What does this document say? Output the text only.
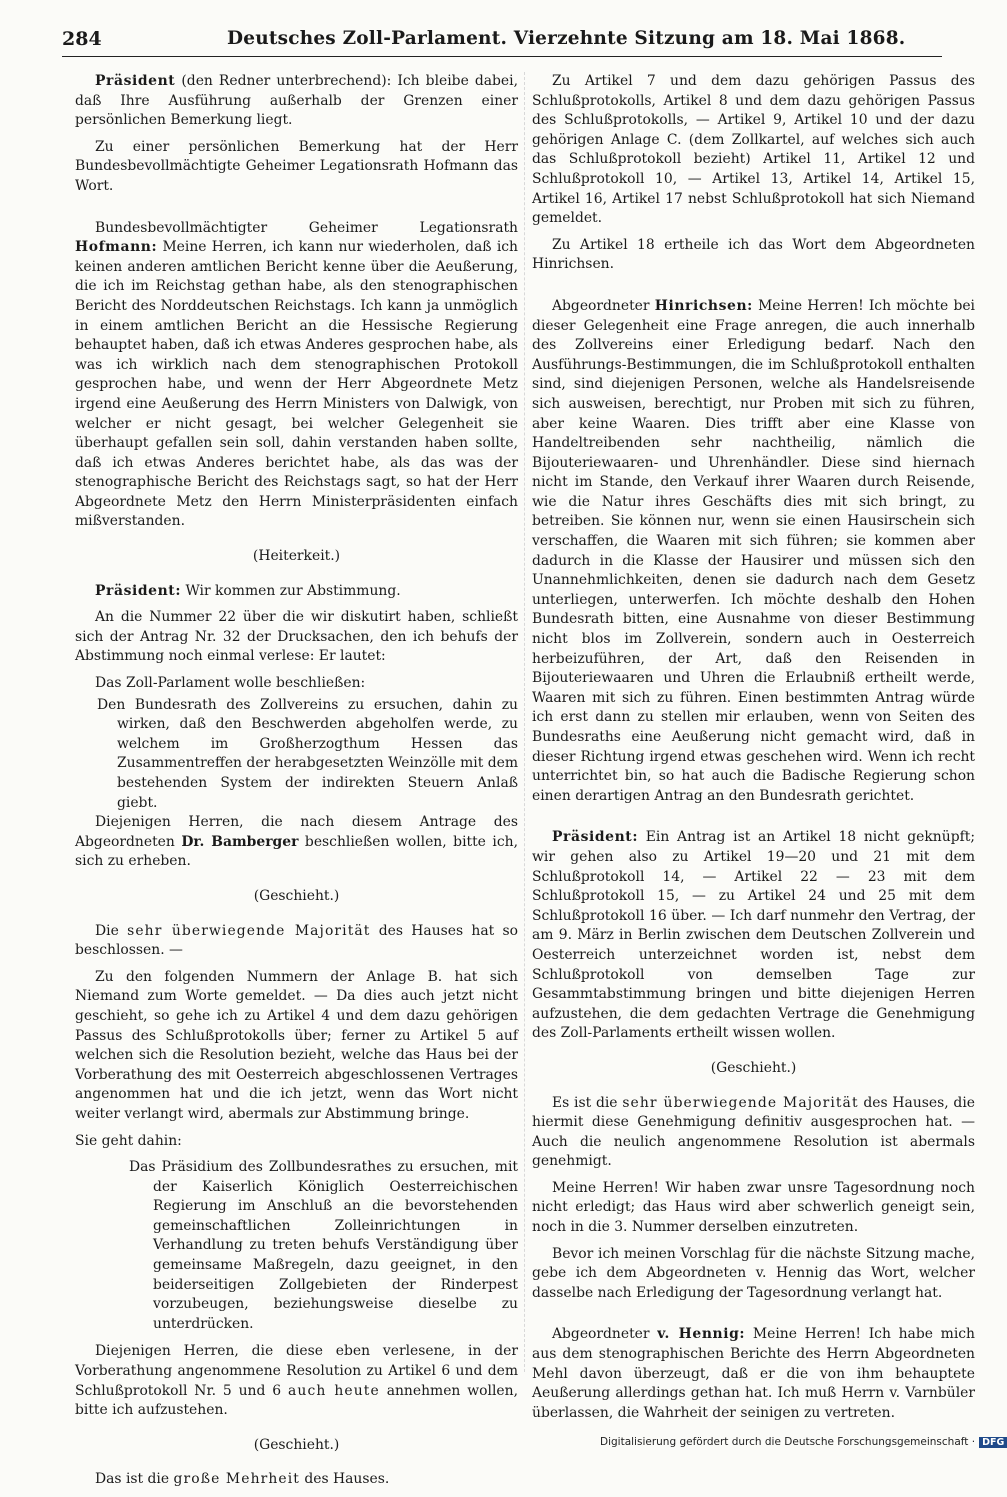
284	Deutsches Zoll-Parlament. Vierzehnte Sitzung am 18. Mai 1868.

Präsident (den Redner unterbrechend): Ich bleibe dabei, daß Ihre Ausführung außerhalb der Grenzen einer persönlichen Bemerkung liegt.

Zu einer persönlichen Bemerkung hat der Herr Bundesbevollmächtigte Geheimer Legationsrath Hofmann das Wort.

Bundesbevollmächtigter Geheimer Legationsrath Hofmann: Meine Herren, ich kann nur wiederholen, daß ich keinen anderen amtlichen Bericht kenne über die Aeußerung, die ich im Reichstag gethan habe, als den stenographischen Bericht des Norddeutschen Reichstags. Ich kann ja unmöglich in einem amtlichen Bericht an die Hessische Regierung behauptet haben, daß ich etwas Anderes gesprochen habe, als was ich wirklich nach dem stenographischen Protokoll gesprochen habe, und wenn der Herr Abgeordnete Metz irgend eine Aeußerung des Herrn Ministers von Dalwigk, von welcher er nicht gesagt, bei welcher Gelegenheit sie überhaupt gefallen sein soll, dahin verstanden haben sollte, daß ich etwas Anderes berichtet habe, als das was der stenographische Bericht des Reichstags sagt, so hat der Herr Abgeordnete Metz den Herrn Ministerpräsidenten einfach mißverstanden.

(Heiterkeit.)

Präsident: Wir kommen zur Abstimmung.

An die Nummer 22 über die wir diskutirt haben, schließt sich der Antrag Nr. 32 der Drucksachen, den ich behufs der Abstimmung noch einmal verlese: Er lautet:

Das Zoll-Parlament wolle beschließen:

Den Bundesrath des Zollvereins zu ersuchen, dahin zu wirken, daß den Beschwerden abgeholfen werde, zu welchem im Großherzogthum Hessen das Zusammentreffen der herabgesetzten Weinzölle mit dem bestehenden System der indirekten Steuern Anlaß giebt.

Diejenigen Herren, die nach diesem Antrage des Abgeordneten Dr. Bamberger beschließen wollen, bitte ich, sich zu erheben.

(Geschieht.)

Die sehr überwiegende Majorität des Hauses hat so beschlossen. —

Zu den folgenden Nummern der Anlage B. hat sich Niemand zum Worte gemeldet. — Da dies auch jetzt nicht geschieht, so gehe ich zu Artikel 4 und dem dazu gehörigen Passus des Schlußprotokolls über; ferner zu Artikel 5 auf welchen sich die Resolution bezieht, welche das Haus bei der Vorberathung des mit Oesterreich abgeschlossenen Vertrages angenommen hat und die ich jetzt, wenn das Wort nicht weiter verlangt wird, abermals zur Abstimmung bringe.

Sie geht dahin:

Das Präsidium des Zollbundesrathes zu ersuchen, mit der Kaiserlich Königlich Oesterreichischen Regierung im Anschluß an die bevorstehenden gemeinschaftlichen Zolleinrichtungen in Verhandlung zu treten behufs Verständigung über gemeinsame Maßregeln, dazu geeignet, in den beiderseitigen Zollgebieten der Rinderpest vorzubeugen, beziehungsweise dieselbe zu unterdrücken.

Diejenigen Herren, die diese eben verlesene, in der Vorberathung angenommene Resolution zu Artikel 6 und dem Schlußprotokoll Nr. 5 und 6 auch heute annehmen wollen, bitte ich aufzustehen.

(Geschieht.)

Das ist die große Mehrheit des Hauses.

Zu Artikel 7 und dem dazu gehörigen Passus des Schlußprotokolls, Artikel 8 und dem dazu gehörigen Passus des Schlußprotokolls, — Artikel 9, Artikel 10 und der dazu gehörigen Anlage C. (dem Zollkartel, auf welches sich auch das Schlußprotokoll bezieht) Artikel 11, Artikel 12 und Schlußprotokoll 10, — Artikel 13, Artikel 14, Artikel 15, Artikel 16, Artikel 17 nebst Schlußprotokoll hat sich Niemand gemeldet.

Zu Artikel 18 ertheile ich das Wort dem Abgeordneten Hinrichsen.

Abgeordneter Hinrichsen: Meine Herren! Ich möchte bei dieser Gelegenheit eine Frage anregen, die auch innerhalb des Zollvereins einer Erledigung bedarf. Nach den Ausführungs-Bestimmungen, die im Schlußprotokoll enthalten sind, sind diejenigen Personen, welche als Handelsreisende sich ausweisen, berechtigt, nur Proben mit sich zu führen, aber keine Waaren. Dies trifft aber eine Klasse von Handeltreibenden sehr nachtheilig, nämlich die Bijouteriewaaren- und Uhrenhändler. Diese sind hiernach nicht im Stande, den Verkauf ihrer Waaren durch Reisende, wie die Natur ihres Geschäfts dies mit sich bringt, zu betreiben. Sie können nur, wenn sie einen Hausirschein sich verschaffen, die Waaren mit sich führen; sie kommen aber dadurch in die Klasse der Hausirer und müssen sich den Unannehmlichkeiten, denen sie dadurch nach dem Gesetz unterliegen, unterwerfen. Ich möchte deshalb den Hohen Bundesrath bitten, eine Ausnahme von dieser Bestimmung nicht blos im Zollverein, sondern auch in Oesterreich herbeizuführen, der Art, daß den Reisenden in Bijouteriewaaren und Uhren die Erlaubniß ertheilt werde, Waaren mit sich zu führen. Einen bestimmten Antrag würde ich erst dann zu stellen mir erlauben, wenn von Seiten des Bundesraths eine Aeußerung nicht gemacht wird, daß in dieser Richtung irgend etwas geschehen wird. Wenn ich recht unterrichtet bin, so hat auch die Badische Regierung schon einen derartigen Antrag an den Bundesrath gerichtet.

Präsident: Ein Antrag ist an Artikel 18 nicht geknüpft; wir gehen also zu Artikel 19—20 und 21 mit dem Schlußprotokoll 14, — Artikel 22 — 23 mit dem Schlußprotokoll 15, — zu Artikel 24 und 25 mit dem Schlußprotokoll 16 über. — Ich darf nunmehr den Vertrag, der am 9. März in Berlin zwischen dem Deutschen Zollverein und Oesterreich unterzeichnet worden ist, nebst dem Schlußprotokoll von demselben Tage zur Gesammtabstimmung bringen und bitte diejenigen Herren aufzustehen, die dem gedachten Vertrage die Genehmigung des Zoll-Parlaments ertheilt wissen wollen.

(Geschieht.)

Es ist die sehr überwiegende Majorität des Hauses, die hiermit diese Genehmigung definitiv ausgesprochen hat. — Auch die neulich angenommene Resolution ist abermals genehmigt.

Meine Herren! Wir haben zwar unsre Tagesordnung noch nicht erledigt; das Haus wird aber schwerlich geneigt sein, noch in die 3. Nummer derselben einzutreten.

Bevor ich meinen Vorschlag für die nächste Sitzung mache, gebe ich dem Abgeordneten v. Hennig das Wort, welcher dasselbe nach Erledigung der Tagesordnung verlangt hat.

Abgeordneter v. Hennig: Meine Herren! Ich habe mich aus dem stenographischen Berichte des Herrn Abgeordneten Mehl davon überzeugt, daß er die von ihm behauptete Aeußerung allerdings gethan hat. Ich muß Herrn v. Varnbüler überlassen, die Wahrheit der seinigen zu vertreten.

Digitalisierung gefördert durch die Deutsche Forschungsgemeinschaft · DFG
